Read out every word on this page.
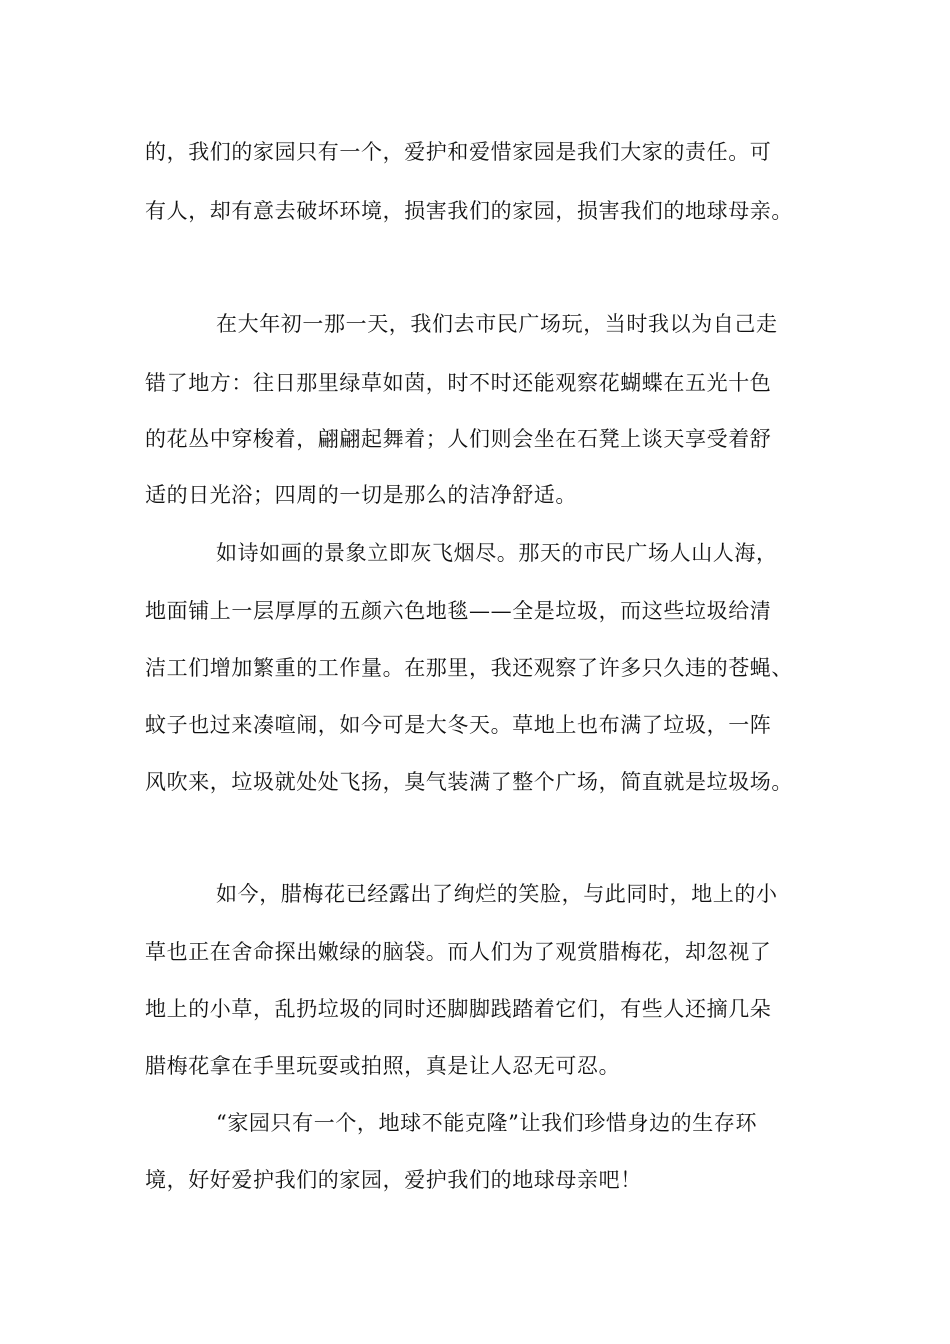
的，我们的家园只有一个，爱护和爱惜家园是我们大家的责任。可

有人，却有意去破坏环境，损害我们的家园，损害我们的地球母亲。

在大年初一那一天，我们去市民广场玩，当时我以为自己走

错了地方：往日那里绿草如茵，时不时还能观察花蝴蝶在五光十色

的花丛中穿梭着，翩翩起舞着；人们则会坐在石凳上谈天享受着舒

适的日光浴；四周的一切是那么的洁净舒适。

如诗如画的景象立即灰飞烟尽。那天的市民广场人山人海，

地面铺上一层厚厚的五颜六色地毯——全是垃圾，而这些垃圾给清

洁工们增加繁重的工作量。在那里，我还观察了许多只久违的苍蝇、

蚊子也过来凑喧闹，如今可是大冬天。草地上也布满了垃圾，一阵

风吹来，垃圾就处处飞扬，臭气装满了整个广场，简直就是垃圾场。

如今，腊梅花已经露出了绚烂的笑脸，与此同时，地上的小

草也正在舍命探出嫩绿的脑袋。而人们为了观赏腊梅花，却忽视了

地上的小草，乱扔垃圾的同时还脚脚践踏着它们，有些人还摘几朵

腊梅花拿在手里玩耍或拍照，真是让人忍无可忍。

“家园只有一个，地球不能克隆”让我们珍惜身边的生存环

境，好好爱护我们的家园，爱护我们的地球母亲吧！
